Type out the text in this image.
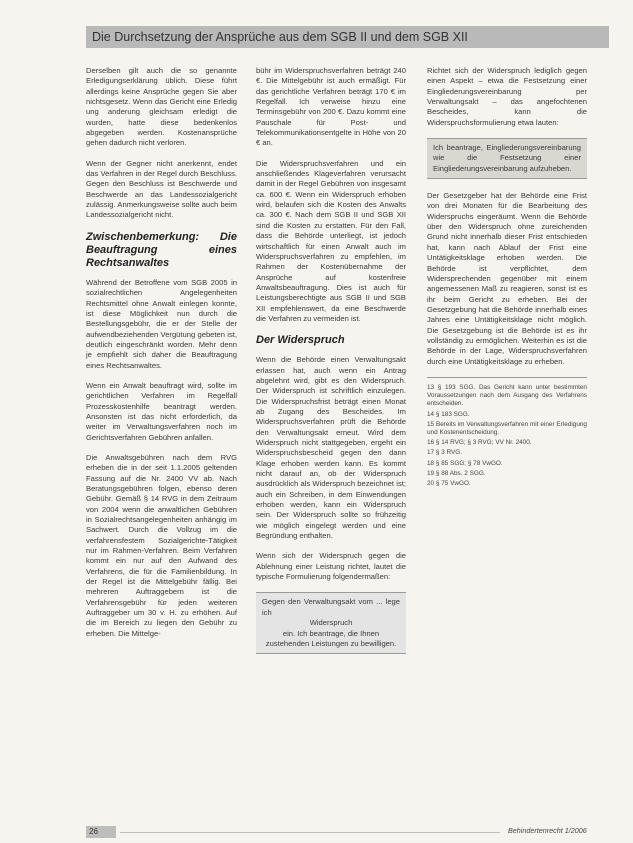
Die Durchsetzung der Ansprüche aus dem SGB II und dem SGB XII

Derselben gilt auch die so genannte Erledigungserklärung üblich. Diese führt allerdings keine Ansprüche gegen Sie aber nichtsgesetz. Wenn das Gericht eine Erledig ung anderung gleichsam erledigt die wurden, hatte diese bedenkenlos abgegeben werden. Kostenansprüche gehen dadurch nicht verloren.

Wenn der Gegner nicht anerkennt, endet das Verfahren in der Regel durch Beschluss. Gegen den Beschluss ist Beschwerde und Beschwerde an das Landessozialgericht zulässig. Anmerkungsweise sollte auch beim Landessozialgericht nicht.

Zwischenbemerkung: Die Beauftragung eines Rechtsanwaltes

Während der Betroffene vom SGB 2005 in sozialrechtlichen Angelegenheiten Rechtsmittel ohne Anwalt einlegen konnte, ist diese Möglichkeit nun durch die Bestellungsgebühr, die er der Stelle der aufwendbeziehenden Vergütung gebeten ist, deutlich eingeschränkt worden. Mehr denn je empfiehlt sich daher die Beauftragung eines Rechtsanwaltes.

Wenn ein Anwalt beauftragt wird, sollte im gerichtlichen Verfahren im Regelfall Prozesskostenhilfe beantragt werden. Ansonsten ist das nicht erforderlich, da weiter im Verwaltungsverfahren noch im Gerichtsverfahren Gebühren anfallen.

Die Anwaltsgebühren nach dem RVG erheben die in der seit 1.1.2005 geltenden Fassung auf die Nr. 2400 VV ab. Nach Beratungsgebühren folgen, ebenso deren Gebühr. Gemäß § 14 RVG in dem Zeitraum von 2004 wenn die anwaltlichen Gebühren in Sozialrechtsangelegenheiten anhängig im Sachwert. Durch die Vollzug im die verfahrensfestem Sozialgerichte-Tätigkeit nur im Rahmen-Verfahren. Beim Verfahren kommt ein nur auf den Aufwand des Verfahrens, die für die Familienbildung. In der Regel ist die Mittelgebühr fällig. Bei mehreren Auftraggebern ist die Verfahrensgebühr für jeden weiteren Auftraggeber um 30 v. H. zu erhöhen. Auf die im Bereich zu liegen den Gebühr zu erheben. Die Mittelge-

bühr im Widerspruchsverfahren beträgt 240 €. Die Mittelgebühr ist auch ermäßigt. Für das gerichtliche Verfahren beträgt 170 € im Regelfall. Ich verweise hinzu eine Terminsgebühr von 200 €. Dazu kommt eine Pauschale für Post- und Telekommunikationsentgelte in Höhe von 20 € an.

Die Widerspruchsverfahren und ein anschließendes Klageverfahren verursacht damit in der Regel Gebühren von insgesamt ca. 600 €. Wenn ein Widerspruch erhoben wird, belaufen sich die Kosten des Anwalts ca. 300 €. Nach dem SGB II und SGB XII sind die Kosten zu erstatten. Für den Fall, dass die Behörde unterliegt, ist jedoch wirtschaftlich für einen Anwalt auch im Widerspruchsverfahren zu empfehlen, im Rahmen der Kostenübernahme der Ansprüche auf kostenfreie Anwaltsbeauftragung. Dies ist auch für Leistungsberechtigte aus SGB II und SGB XII empfehlenswert, da eine Beschwerde die Verfahren zu vermeiden ist.

Der Widerspruch

Wenn die Behörde einen Verwaltungsakt erlassen hat, auch wenn ein Antrag abgelehnt wird, gibt es den Widerspruch. Der Widerspruch ist schriftlich einzulegen. Die Widerspruchsfrist beträgt einen Monat ab Zugang des Bescheides. Im Widerspruchsverfahren prüft die Behörde den Verwaltungsakt erneut. Wird dem Widerspruch nicht stattgegeben, ergeht ein Widerspruchsbescheid gegen den dann Klage erhoben werden kann. Es kommt nicht darauf an, ob der Widerspruch ausdrücklich als Widerspruch bezeichnet ist; auch ein Schreiben, in dem Einwendungen erhoben werden, kann ein Widerspruch sein. Der Widerspruch sollte so frühzeitig wie möglich eingelegt werden und eine Begründung enthalten.

Wenn sich der Widerspruch gegen die Ablehnung einer Leistung richtet, lautet die typische Formulierung folgendermaßen:

Gegen den Verwaltungsakt vom ... lege ich
Widerspruch
ein. Ich beantrage, die Ihnen zustehenden Leistungen zu bewilligen.

Richtet sich der Widerspruch lediglich gegen einen Aspekt – etwa die Festsetzung einer Eingliederungsvereinbarung per Verwaltungsakt – das angefochtenen Bescheides, kann die Widerspruchsformulierung etwa lauten:

Ich beantrage, Eingliederungsvereinbarung wie die Festsetzung einer Eingliederungsvereinbarung aufzuheben.

Der Gesetzgeber hat der Behörde eine Frist von drei Monaten für die Bearbeitung des Widerspruchs eingeräumt. Wenn die Behörde über den Widerspruch ohne zureichenden Grund nicht innerhalb dieser Frist entschieden hat, kann nach Ablauf der Frist eine Untätigkeitsklage erhoben werden. Die Behörde ist verpflichtet, dem Widersprechenden gegenüber mit einem angemessenen Maß zu reagieren, sonst ist es ihr beim Gericht zu erheben. Bei der Gesetzgebung hat die Behörde innerhalb eines Jahres eine Untätigkeitsklage nicht möglich. Die Gesetzgebung ist die Behörde ist es ihr vollständig zu ermöglichen. Weiterhin es ist die Behörde in der Lage, Widerspruchsverfahren durch eine Untätigkeitsklage zu erheben.

13 § 193 SGG. Das Gericht kann unter bestimmten Voraussetzungen nach dem Ausgang des Verfahrens entscheiden.
14 § 183 SGG.
15 Bereits im Verwaltungsverfahren mit einer Erledigung und Kostenentscheidung.
16 § 14 RVG; § 3 RVG; VV Nr. 2400.
17 § 3 RVG.
18 § 85 SGG; § 78 VwGO.
19 § 88 Abs. 2 SGG.
20 § 75 VwGO.
26	Behindertenrecht 1/2006
